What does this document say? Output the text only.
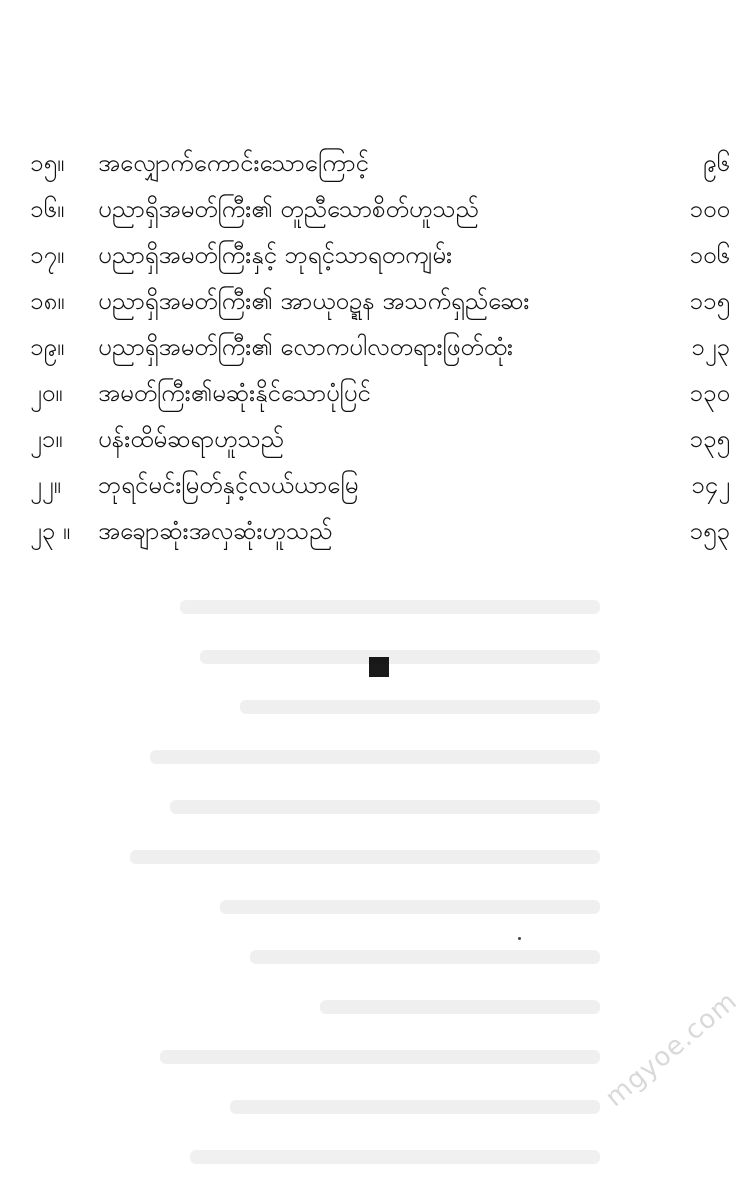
၁၅။	အလျှောက်ကောင်းသောကြောင့်	၉၆
၁၆။	ပညာရှိအမတ်ကြီး၏ တူညီသောစိတ်ဟူသည်	၁၀၀
၁၇။	ပညာရှိအမတ်ကြီးနှင့် ဘုရင့်သာရတကျမ်း	၁၀၆
၁၈။	ပညာရှိအမတ်ကြီး၏ အာယုဝဍ္ဍန အသက်ရှည်ဆေး	၁၁၅
၁၉။	ပညာရှိအမတ်ကြီး၏ လောကပါလတရားဖြတ်ထုံး	၁၂၃
၂၀။	အမတ်ကြီး၏မဆုံးနိုင်သောပုံပြင်	၁၃၀
၂၁။	ပန်းထိမ်ဆရာဟူသည်	၁၃၅
၂၂။	ဘုရင်မင်းမြတ်နှင့်လယ်ယာမြေ	၁၄၂
၂၃ ။	အချောဆုံးအလှဆုံးဟူသည်	၁၅၃
mgyoe.com
